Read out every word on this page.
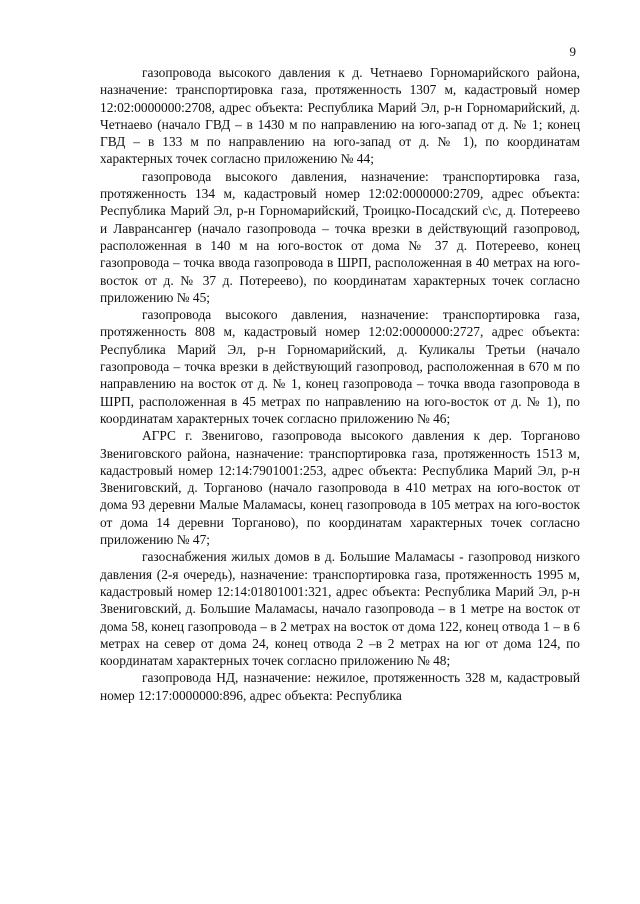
9

газопровода высокого давления к д. Четнаево Горномарийского района, назначение: транспортировка газа, протяженность 1307 м, кадастровый номер 12:02:0000000:2708, адрес объекта: Республика Марий Эл, р-н Горномарийский, д. Четнаево (начало ГВД – в 1430 м по направлению на юго-запад от д. № 1; конец ГВД – в 133 м по направлению на юго-запад от д. № 1), по координатам характерных точек согласно приложению № 44;

газопровода высокого давления, назначение: транспортировка газа, протяженность 134 м, кадастровый номер 12:02:0000000:2709, адрес объекта: Республика Марий Эл, р-н Горномарийский, Троицко-Посадский с\с, д. Потереево и Лаврансангер (начало газопровода – точка врезки в действующий газопровод, расположенная в 140 м на юго-восток от дома № 37 д. Потереево, конец газопровода – точка ввода газопровода в ШРП, расположенная в 40 метрах на юго-восток от д. № 37 д. Потереево), по координатам характерных точек согласно приложению № 45;

газопровода высокого давления, назначение: транспортировка газа, протяженность 808 м, кадастровый номер 12:02:0000000:2727, адрес объекта: Республика Марий Эл, р-н Горномарийский, д. Куликалы Третьи (начало газопровода – точка врезки в действующий газопровод, расположенная в 670 м по направлению на восток от д. № 1, конец газопровода – точка ввода газопровода в ШРП, расположенная в 45 метрах по направлению на юго-восток от д. № 1), по координатам характерных точек согласно приложению № 46;

АГРС г. Звенигово, газопровода высокого давления к дер. Торганово Звениговского района, назначение: транспортировка газа, протяженность 1513 м, кадастровый номер 12:14:7901001:253, адрес объекта: Республика Марий Эл, р-н Звениговский, д. Торганово (начало газопровода в 410 метрах на юго-восток от дома 93 деревни Малые Маламасы, конец газопровода в 105 метрах на юго-восток от дома 14 деревни Торганово), по координатам характерных точек согласно приложению № 47;

газоснабжения жилых домов в д. Большие Маламасы - газопровод низкого давления (2-я очередь), назначение: транспортировка газа, протяженность 1995 м, кадастровый номер 12:14:01801001:321, адрес объекта: Республика Марий Эл, р-н Звениговский, д. Большие Маламасы, начало газопровода – в 1 метре на восток от дома 58, конец газопровода – в 2 метрах на восток от дома 122, конец отвода 1 – в 6 метрах на север от дома 24, конец отвода 2 –в 2 метрах на юг от дома 124, по координатам характерных точек согласно приложению № 48;

газопровода НД, назначение: нежилое, протяженность 328 м, кадастровый номер 12:17:0000000:896, адрес объекта: Республика
